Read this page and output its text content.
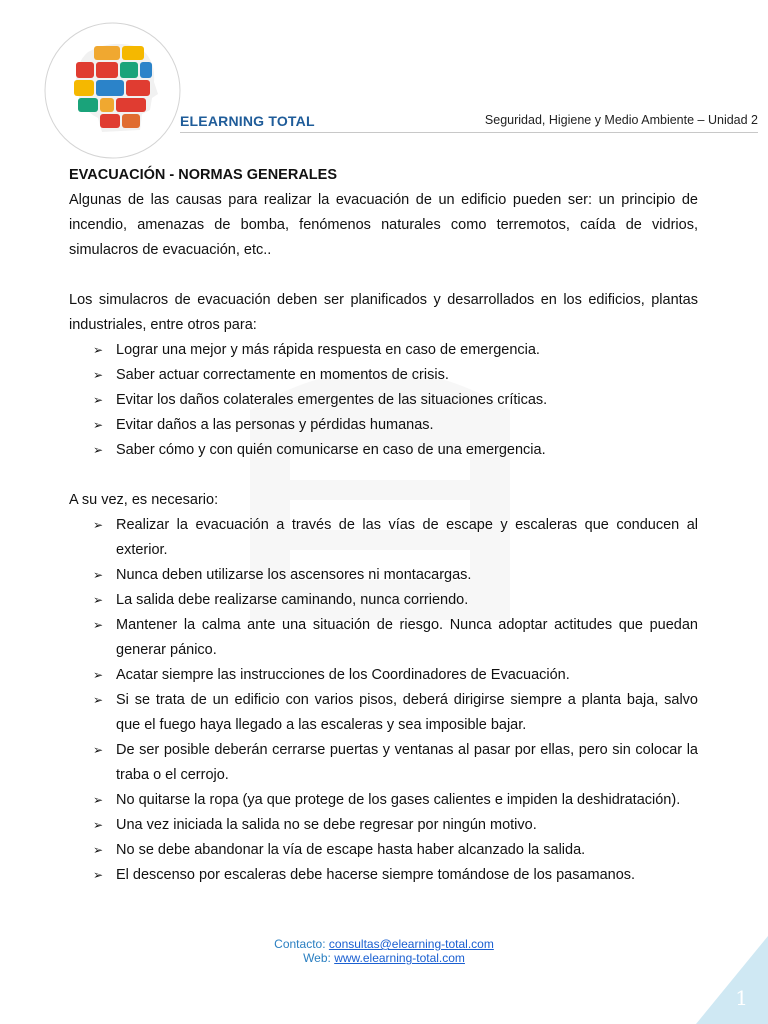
ELEARNING TOTAL	Seguridad, Higiene y Medio Ambiente – Unidad 2

EVACUACIÓN - NORMAS GENERALES

Algunas de las causas para realizar la evacuación de un edificio pueden ser: un principio de incendio, amenazas de bomba, fenómenos naturales como terremotos, caída de vidrios, simulacros de evacuación, etc..

Los simulacros de evacuación deben ser planificados y desarrollados en los edificios, plantas industriales, entre otros para:

➢ Lograr una mejor y más rápida respuesta en caso de emergencia.
➢ Saber actuar correctamente en momentos de crisis.
➢ Evitar los daños colaterales emergentes de las situaciones críticas.
➢ Evitar daños a las personas y pérdidas humanas.
➢ Saber cómo y con quién comunicarse en caso de una emergencia.

A su vez, es necesario:

➢ Realizar la evacuación a través de las vías de escape y escaleras que conducen al exterior.
➢ Nunca deben utilizarse los ascensores ni montacargas.
➢ La salida debe realizarse caminando, nunca corriendo.
➢ Mantener la calma ante una situación de riesgo. Nunca adoptar actitudes que puedan generar pánico.
➢ Acatar siempre las instrucciones de los Coordinadores de Evacuación.
➢ Si se trata de un edificio con varios pisos, deberá dirigirse siempre a planta baja, salvo que el fuego haya llegado a las escaleras y sea imposible bajar.
➢ De ser posible deberán cerrarse puertas y ventanas al pasar por ellas, pero sin colocar la traba o el cerrojo.
➢ No quitarse la ropa (ya que protege de los gases calientes e impiden la deshidratación).
➢ Una vez iniciada la salida no se debe regresar por ningún motivo.
➢ No se debe abandonar la vía de escape hasta haber alcanzado la salida.
➢ El descenso por escaleras debe hacerse siempre tomándose de los pasamanos.
Contacto: consultas@elearning-total.com
Web: www.elearning-total.com
1
